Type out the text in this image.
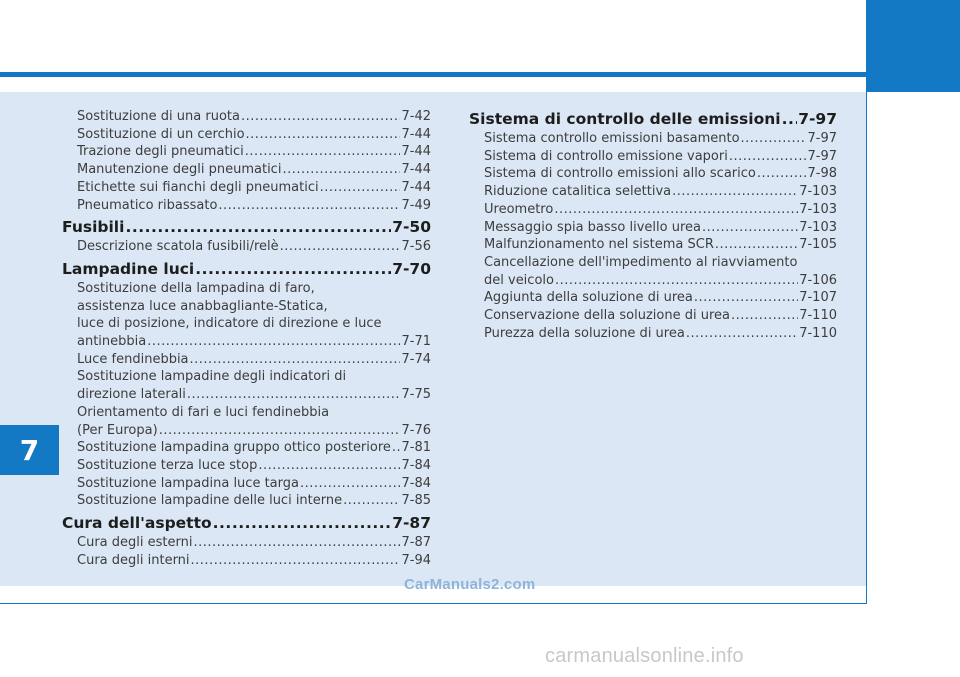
7
Sostituzione di una ruota .....	7-42
Sostituzione di un cerchio .....	7-44
Trazione degli pneumatici .....	7-44
Manutenzione degli pneumatici .....	7-44
Etichette sui fianchi degli pneumatici .....	7-44
Pneumatico ribassato .....	7-49
Fusibili .....	7-50
Descrizione scatola fusibili/relè .....	7-56
Lampadine luci .....	7-70
Sostituzione della lampadina di faro,
assistenza luce anabbagliante-Statica,
luce di posizione, indicatore di direzione e luce
antinebbia .....	7-71
Luce fendinebbia .....	7-74
Sostituzione lampadine degli indicatori di
direzione laterali .....	7-75
Orientamento di fari e luci fendinebbia
(Per Europa) .....	7-76
Sostituzione lampadina gruppo ottico posteriore ..... 7-81
Sostituzione terza luce stop .....	7-84
Sostituzione lampadina luce targa .....	7-84
Sostituzione lampadine delle luci interne .....	7-85
Cura dell'aspetto .....	7-87
Cura degli esterni .....	7-87
Cura degli interni .....	7-94
Sistema di controllo delle emissioni ..... 7-97
Sistema controllo emissioni basamento .....	7-97
Sistema di controllo emissione vapori .....	7-97
Sistema di controllo emissioni allo scarico .....	7-98
Riduzione catalitica selettiva .....	7-103
Ureometro .....	7-103
Messaggio spia basso livello urea .....	7-103
Malfunzionamento nel sistema SCR .....	7-105
Cancellazione dell'impedimento al riavviamento
del veicolo .....	7-106
Aggiunta della soluzione di urea .....	7-107
Conservazione della soluzione di urea .....	7-110
Purezza della soluzione di urea .....	7-110
CarManuals2.com
carmanualsonline.info
